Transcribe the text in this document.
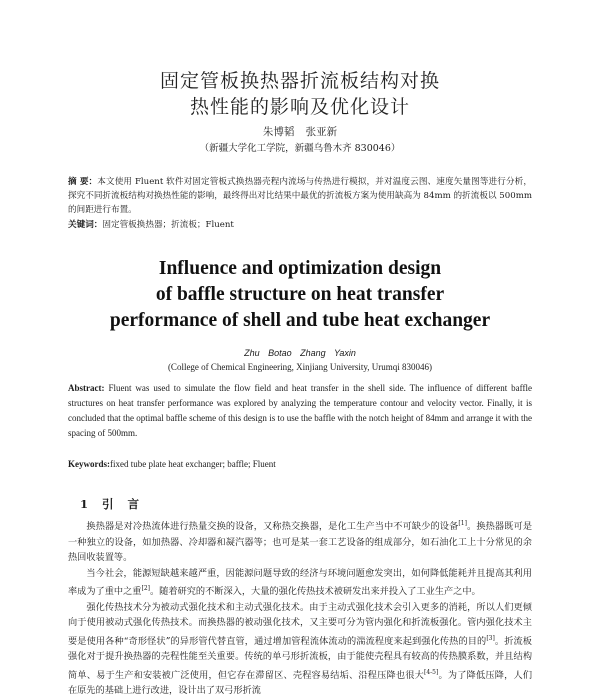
固定管板换热器折流板结构对换
热性能的影响及优化设计
朱博韬 张亚新
（新疆大学化工学院，新疆乌鲁木齐 830046）
摘 要：本文使用 Fluent 软件对固定管板式换热器壳程内流场与传热进行模拟，并对温度云图、速度矢量图等进行分析，探究不同折流板结构对换热性能的影响，最终得出对比结果中最优的折流板方案为使用缺高为 84mm 的折流板以 500mm 的间距进行布置。
关键词：固定管板换热器；折流板；Fluent
Influence and optimization design
of baffle structure on heat transfer
performance of shell and tube heat exchanger
Zhu Botao Zhang Yaxin
(College of Chemical Engineering, Xinjiang University, Urumqi 830046)
Abstract: Fluent was used to simulate the flow field and heat transfer in the shell side. The influence of different baffle structures on heat transfer performance was explored by analyzing the temperature contour and velocity vector. Finally, it is concluded that the optimal baffle scheme of this design is to use the baffle with the notch height of 84mm and arrange it with the spacing of 500mm.
Keywords:fixed tube plate heat exchanger; baffle; Fluent
1 引 言

换热器是对冷热流体进行热量交换的设备，又称热交换器，是化工生产当中不可缺少的设备[1]。换热器既可是一种独立的设备，如加热器、冷却器和凝汽器等；也可是某一套工艺设备的组成部分，如石油化工上十分常见的余热回收装置等。

当今社会，能源短缺越来越严重，因能源问题导致的经济与环境问题愈发突出，如何降低能耗并且提高其利用率成为了重中之重[2]。随着研究的不断深入，大量的强化传热技术被研发出来并投入了工业生产之中。

强化传热技术分为被动式强化技术和主动式强化技术。由于主动式强化技术会引入更多的消耗，所以人们更倾向于使用被动式强化传热技术。而换热器的被动强化技术，又主要可分为管内强化和折流板强化。管内强化技术主要是使用各种“奇形怪状”的异形管代替直管，通过增加管程流体流动的湍流程度来起到强化传热的目的[3]。折流板强化对于提升换热器的壳程性能至关重要。传统的单弓形折流板，由于能使壳程具有较高的传热膜系数，并且结构简单、易于生产和安装被广泛使用，但它存在滞留区、壳程容易结垢、沿程压降也很大[4-5]。为了降低压降，人们在原先的基础上进行改进，设计出了双弓形折流
